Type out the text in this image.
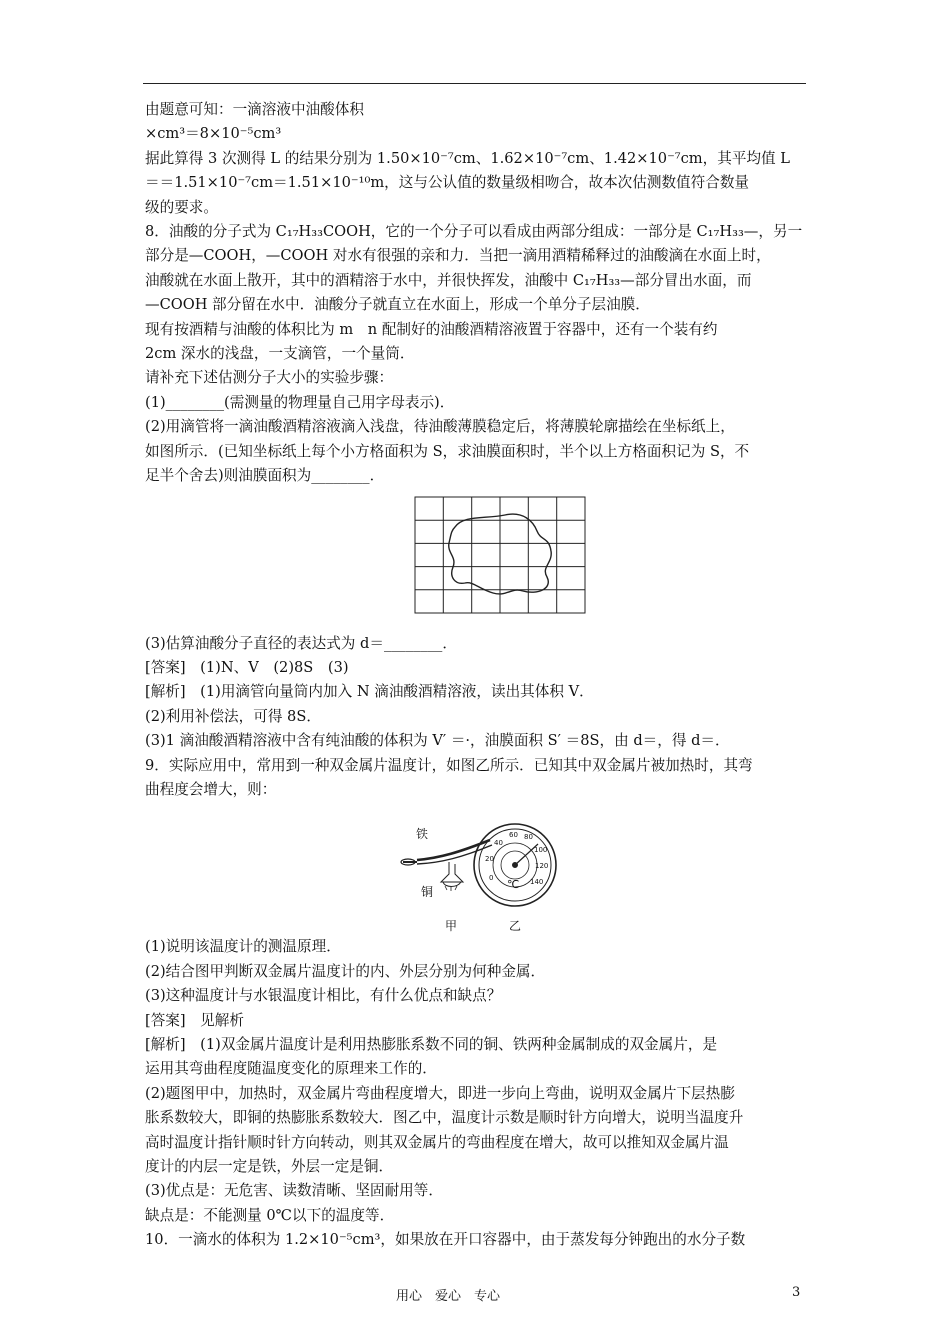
由题意可知：一滴溶液中油酸体积
×cm³＝8×10⁻⁵cm³
据此算得 3 次测得 L 的结果分别为 1.50×10⁻⁷cm、1.62×10⁻⁷cm、1.42×10⁻⁷cm，其平均值 L
＝＝1.51×10⁻⁷cm＝1.51×10⁻¹⁰m，这与公认值的数量级相吻合，故本次估测数值符合数量
级的要求。
8．油酸的分子式为 C₁₇H₃₃COOH，它的一个分子可以看成由两部分组成：一部分是 C₁₇H₃₃—，另一
部分是—COOH，—COOH 对水有很强的亲和力．当把一滴用酒精稀释过的油酸滴在水面上时，
油酸就在水面上散开，其中的酒精溶于水中，并很快挥发，油酸中 C₁₇H₃₃—部分冒出水面，而
—COOH 部分留在水中．油酸分子就直立在水面上，形成一个单分子层油膜．
现有按酒精与油酸的体积比为 m　n 配制好的油酸酒精溶液置于容器中，还有一个装有约
2cm 深水的浅盘，一支滴管，一个量筒．
请补充下述估测分子大小的实验步骤：
(1)________(需测量的物理量自己用字母表示)．
(2)用滴管将一滴油酸酒精溶液滴入浅盘，待油酸薄膜稳定后，将薄膜轮廓描绘在坐标纸上，
如图所示．(已知坐标纸上每个小方格面积为 S，求油膜面积时，半个以上方格面积记为 S，不
足半个舍去)则油膜面积为________．
(3)估算油酸分子直径的表达式为 d＝________．
[答案]　(1)N、V　(2)8S　(3)
[解析]　(1)用滴管向量筒内加入 N 滴油酸酒精溶液，读出其体积 V．
(2)利用补偿法，可得 8S．
(3)1 滴油酸酒精溶液中含有纯油酸的体积为 V′ ＝·，油膜面积 S′ ＝8S，由 d＝，得 d＝．
9．实际应用中，常用到一种双金属片温度计，如图乙所示．已知其中双金属片被加热时，其弯
曲程度会增大，则：
铁
铜
甲
20
40
60 80
100
120
0	140
℃
乙
(1)说明该温度计的测温原理．
(2)结合图甲判断双金属片温度计的内、外层分别为何种金属．
(3)这种温度计与水银温度计相比，有什么优点和缺点？
[答案]　见解析
[解析]　(1)双金属片温度计是利用热膨胀系数不同的铜、铁两种金属制成的双金属片，是
运用其弯曲程度随温度变化的原理来工作的．
(2)题图甲中，加热时，双金属片弯曲程度增大，即进一步向上弯曲，说明双金属片下层热膨
胀系数较大，即铜的热膨胀系数较大．图乙中，温度计示数是顺时针方向增大，说明当温度升
高时温度计指针顺时针方向转动，则其双金属片的弯曲程度在增大，故可以推知双金属片温
度计的内层一定是铁，外层一定是铜．
(3)优点是：无危害、读数清晰、坚固耐用等．
缺点是：不能测量 0℃以下的温度等．
10．一滴水的体积为 1.2×10⁻⁵cm³，如果放在开口容器中，由于蒸发每分钟跑出的水分子数
用心　爱心　专心	3
